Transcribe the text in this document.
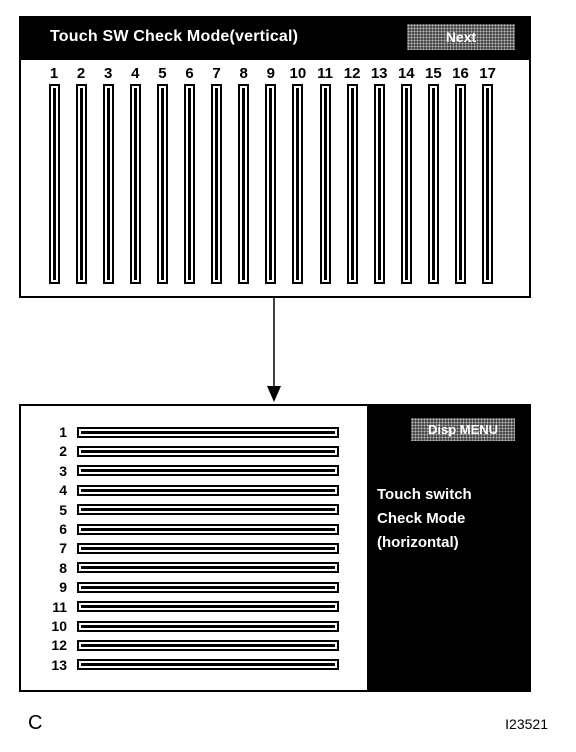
Touch SW Check Mode(vertical)	Next
1	2	3	4	5	6	7	8	9 10 11 12 13 14 15 16 17
1
2
3
4
5
6
7
8
9
11
10
12
13
Disp MENU
Touch switch
Check Mode
(horizontal)
C	I23521
